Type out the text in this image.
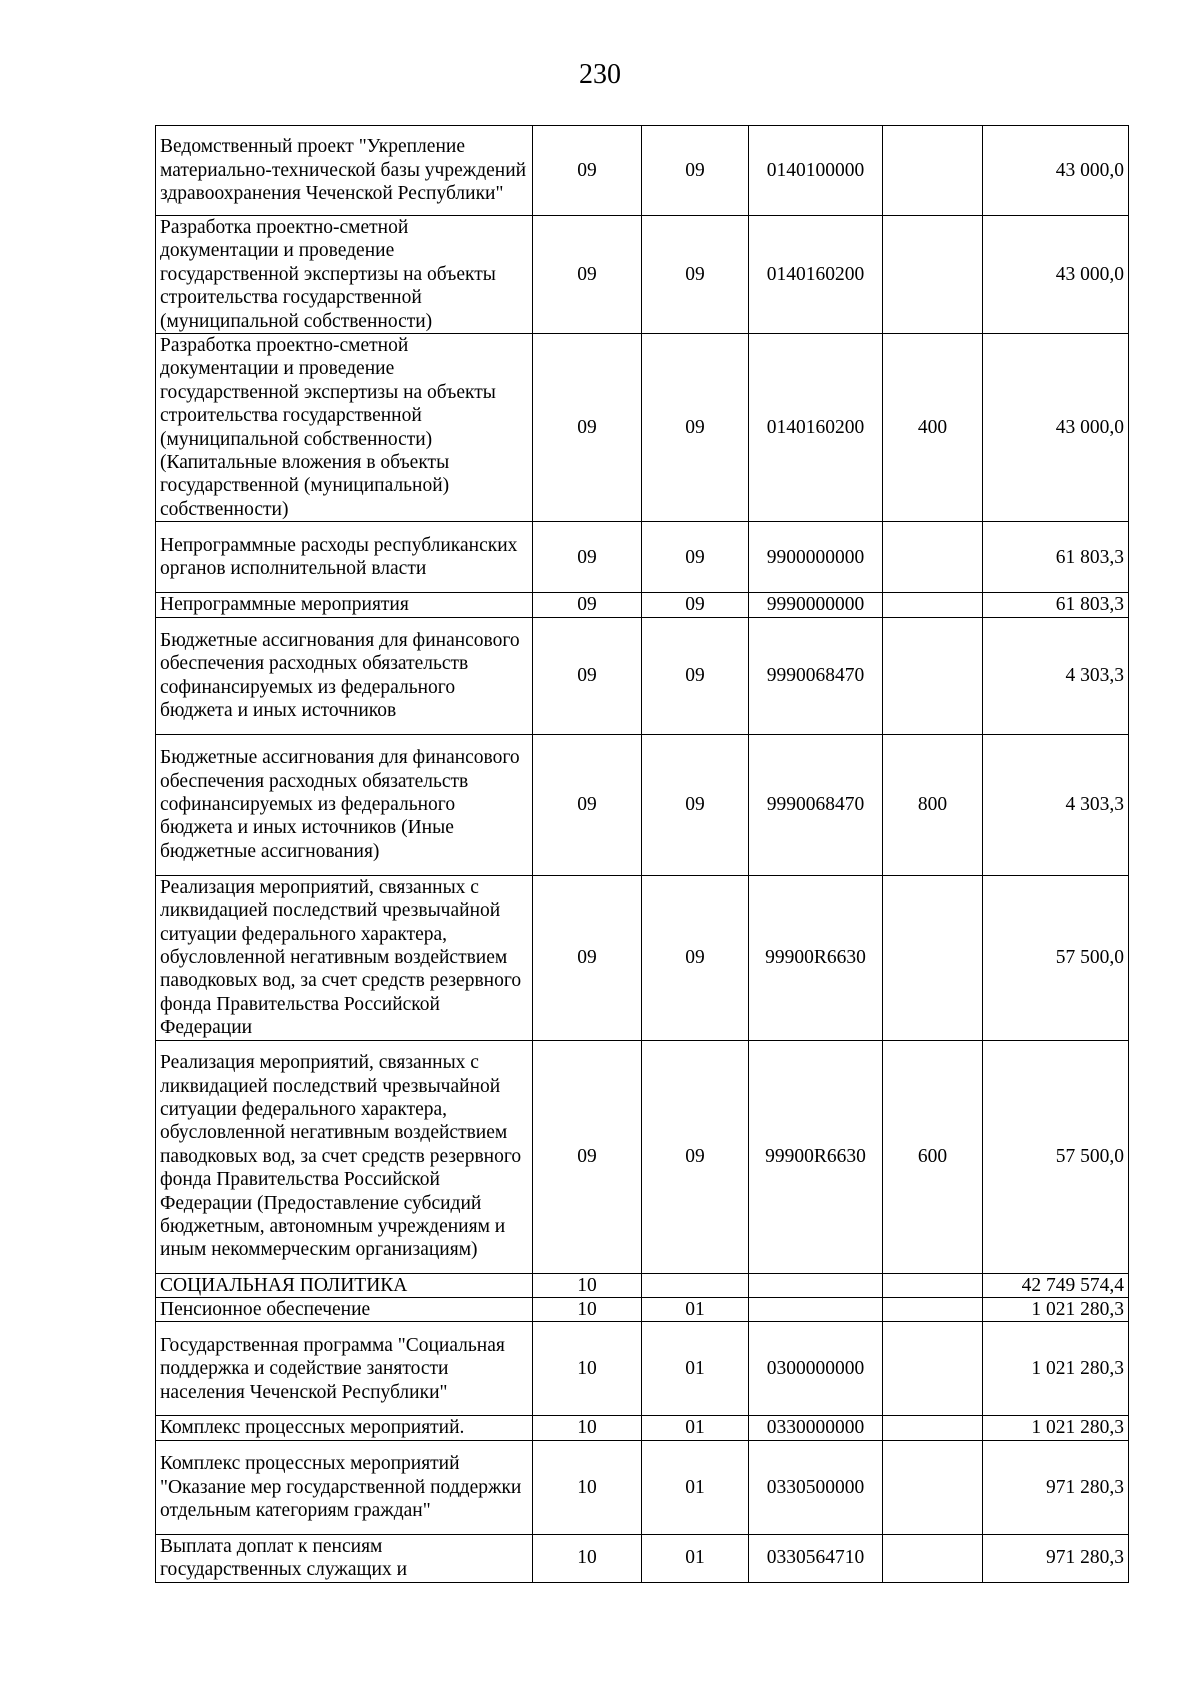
230
Ведомственный проект "Укрепление материально-технической базы учреждений здравоохранения Чеченской Республики"	09	09	0140100000		43 000,0
Разработка проектно-сметной документации и проведение государственной экспертизы на объекты строительства государственной (муниципальной собственности)	09	09	0140160200		43 000,0
Разработка проектно-сметной документации и проведение государственной экспертизы на объекты строительства государственной (муниципальной собственности) (Капитальные вложения в объекты государственной (муниципальной) собственности)	09	09	0140160200	400	43 000,0
Непрограммные расходы республиканских органов исполнительной власти	09	09	9900000000		61 803,3
Непрограммные мероприятия	09	09	9990000000		61 803,3
Бюджетные ассигнования для финансового обеспечения расходных обязательств софинансируемых из федерального бюджета и иных источников	09	09	9990068470		4 303,3
Бюджетные ассигнования для финансового обеспечения расходных обязательств софинансируемых из федерального бюджета и иных источников (Иные бюджетные ассигнования)	09	09	9990068470	800	4 303,3
Реализация мероприятий, связанных с ликвидацией последствий чрезвычайной ситуации федерального характера, обусловленной негативным воздействием паводковых вод, за счет средств резервного фонда Правительства Российской Федерации	09	09	99900R6630		57 500,0
Реализация мероприятий, связанных с ликвидацией последствий чрезвычайной ситуации федерального характера, обусловленной негативным воздействием паводковых вод, за счет средств резервного фонда Правительства Российской Федерации (Предоставление субсидий бюджетным, автономным учреждениям и иным некоммерческим организациям)	09	09	99900R6630	600	57 500,0
СОЦИАЛЬНАЯ ПОЛИТИКА	10				42 749 574,4
Пенсионное обеспечение	10	01			1 021 280,3
Государственная программа "Социальная поддержка и содействие занятости населения Чеченской Республики"	10	01	0300000000		1 021 280,3
Комплекс процессных мероприятий.	10	01	0330000000		1 021 280,3
Комплекс процессных мероприятий "Оказание мер государственной поддержки отдельным категориям граждан"	10	01	0330500000		971 280,3
Выплата доплат к пенсиям государственных служащих и	10	01	0330564710		971 280,3
